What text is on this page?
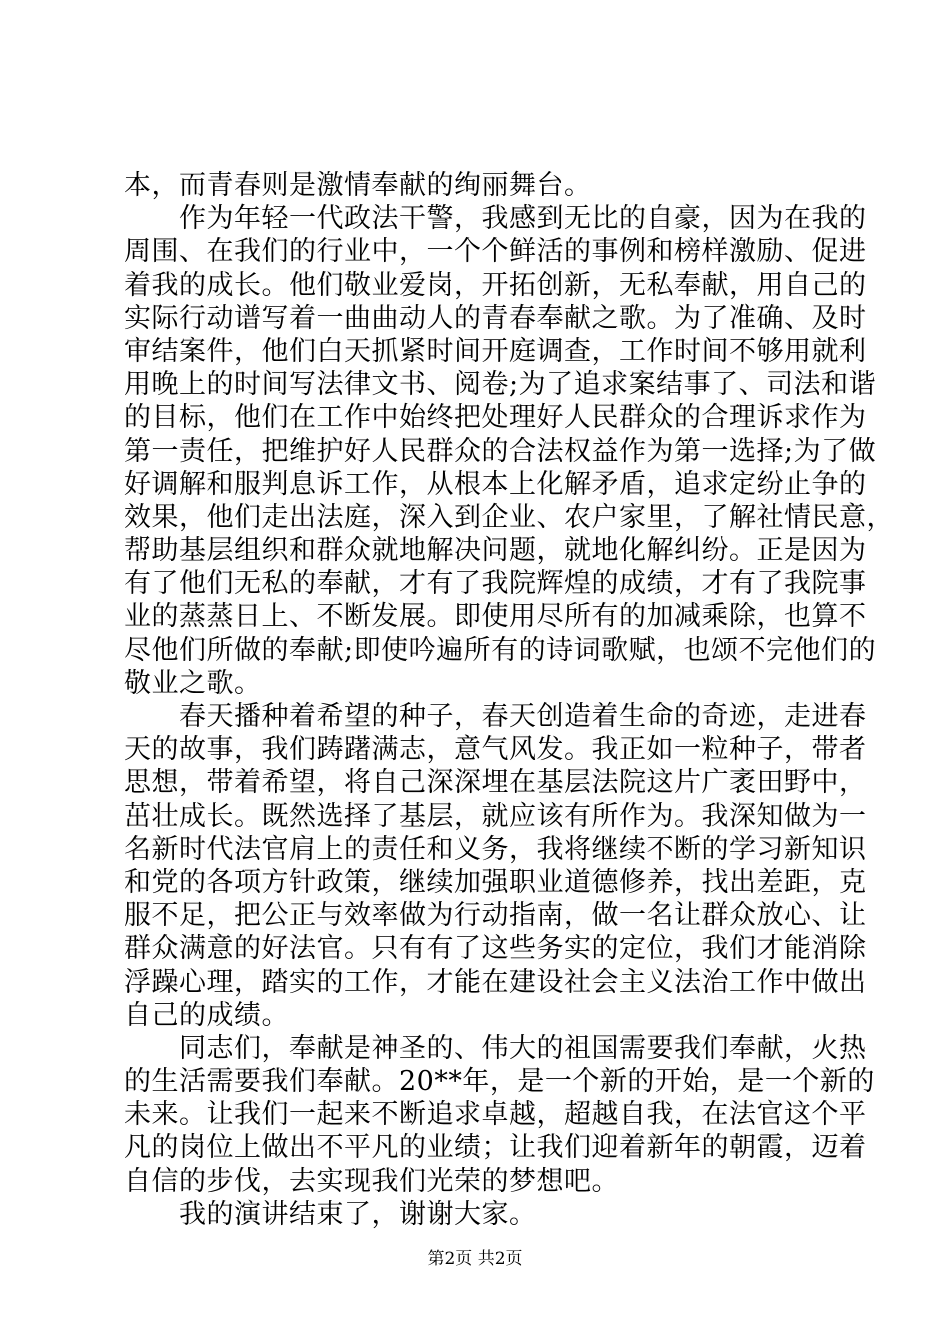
本，而青春则是激情奉献的绚丽舞台。
作为年轻一代政法干警，我感到无比的自豪，因为在我的
周围、在我们的行业中，一个个鲜活的事例和榜样激励、促进
着我的成长。他们敬业爱岗，开拓创新，无私奉献，用自己的
实际行动谱写着一曲曲动人的青春奉献之歌。为了准确、及时
审结案件，他们白天抓紧时间开庭调查，工作时间不够用就利
用晚上的时间写法律文书、阅卷;为了追求案结事了、司法和谐
的目标，他们在工作中始终把处理好人民群众的合理诉求作为
第一责任，把维护好人民群众的合法权益作为第一选择;为了做
好调解和服判息诉工作，从根本上化解矛盾，追求定纷止争的
效果，他们走出法庭，深入到企业、农户家里，了解社情民意，
帮助基层组织和群众就地解决问题，就地化解纠纷。正是因为
有了他们无私的奉献，才有了我院辉煌的成绩，才有了我院事
业的蒸蒸日上、不断发展。即使用尽所有的加减乘除，也算不
尽他们所做的奉献;即使吟遍所有的诗词歌赋，也颂不完他们的
敬业之歌。
春天播种着希望的种子，春天创造着生命的奇迹，走进春
天的故事，我们踌躇满志，意气风发。我正如一粒种子，带者
思想，带着希望，将自己深深埋在基层法院这片广袤田野中，
茁壮成长。既然选择了基层，就应该有所作为。我深知做为一
名新时代法官肩上的责任和义务，我将继续不断的学习新知识
和党的各项方针政策，继续加强职业道德修养，找出差距，克
服不足，把公正与效率做为行动指南，做一名让群众放心、让
群众满意的好法官。只有有了这些务实的定位，我们才能消除
浮躁心理，踏实的工作，才能在建设社会主义法治工作中做出
自己的成绩。
同志们，奉献是神圣的、伟大的祖国需要我们奉献，火热
的生活需要我们奉献。20**年，是一个新的开始，是一个新的
未来。让我们一起来不断追求卓越，超越自我，在法官这个平
凡的岗位上做出不平凡的业绩；让我们迎着新年的朝霞，迈着
自信的步伐，去实现我们光荣的梦想吧。
我的演讲结束了，谢谢大家。
第2页 共2页
